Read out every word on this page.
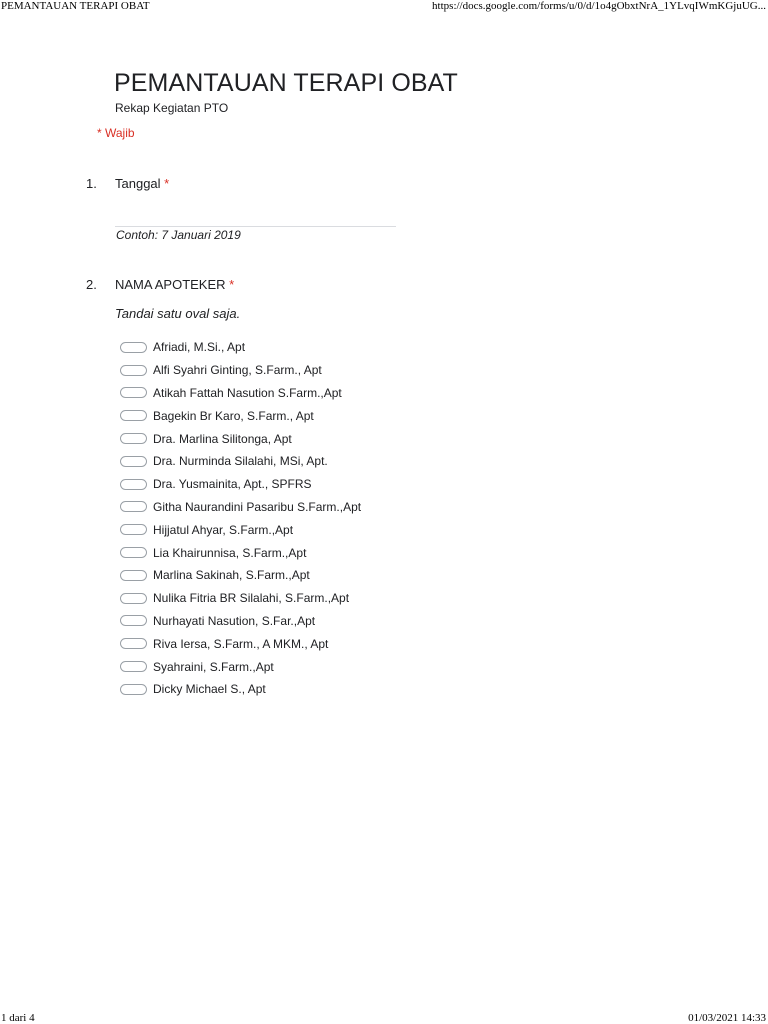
PEMANTAUAN TERAPI OBAT	https://docs.google.com/forms/u/0/d/1o4gObxtNrA_1YLvqIWmKGjuUG...
PEMANTAUAN TERAPI OBAT
Rekap Kegiatan PTO
* Wajib
1. Tanggal *
Contoh: 7 Januari 2019
2. NAMA APOTEKER *
Tandai satu oval saja.
Afriadi, M.Si., Apt
Alfi Syahri Ginting, S.Farm., Apt
Atikah Fattah Nasution S.Farm.,Apt
Bagekin Br Karo, S.Farm., Apt
Dra. Marlina Silitonga, Apt
Dra. Nurminda Silalahi, MSi, Apt.
Dra. Yusmainita, Apt., SPFRS
Githa Naurandini Pasaribu S.Farm.,Apt
Hijjatul Ahyar, S.Farm.,Apt
Lia Khairunnisa, S.Farm.,Apt
Marlina Sakinah, S.Farm.,Apt
Nulika Fitria BR Silalahi, S.Farm.,Apt
Nurhayati Nasution, S.Far.,Apt
Riva Iersa, S.Farm., A MKM., Apt
Syahraini, S.Farm.,Apt
Dicky Michael S., Apt
1 dari 4	01/03/2021 14:33
